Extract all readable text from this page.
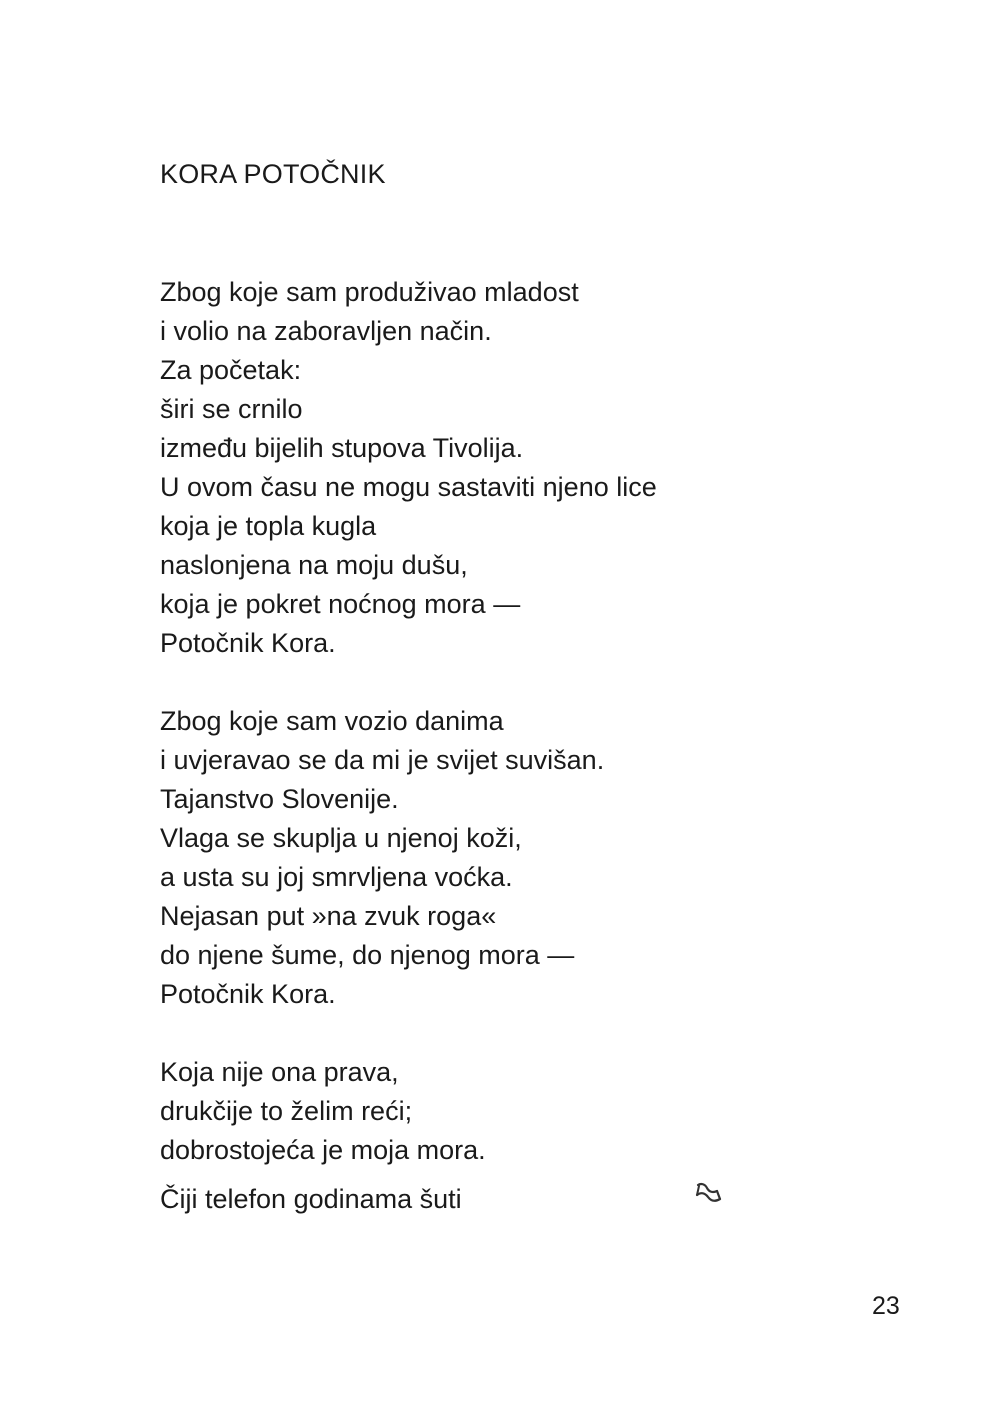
KORA POTOČNIK
Zbog koje sam produživao mladost
i volio na zaboravljen način.
Za početak:
širi se crnilo
između bijelih stupova Tivolija.
U ovom času ne mogu sastaviti njeno lice
koja je topla kugla
naslonjena na moju dušu,
koja je pokret noćnog mora —
Potočnik Kora.
Zbog koje sam vozio danima
i uvjeravao se da mi je svijet suvišan.
Tajanstvo Slovenije.
Vlaga se skuplja u njenoj koži,
a usta su joj smrvljena voćka.
Nejasan put »na zvuk roga«
do njene šume, do njenog mora —
Potočnik Kora.
Koja nije ona prava,
drukčije to želim reći;
dobrostojeća je moja mora.
Čiji telefon godinama šuti
23
